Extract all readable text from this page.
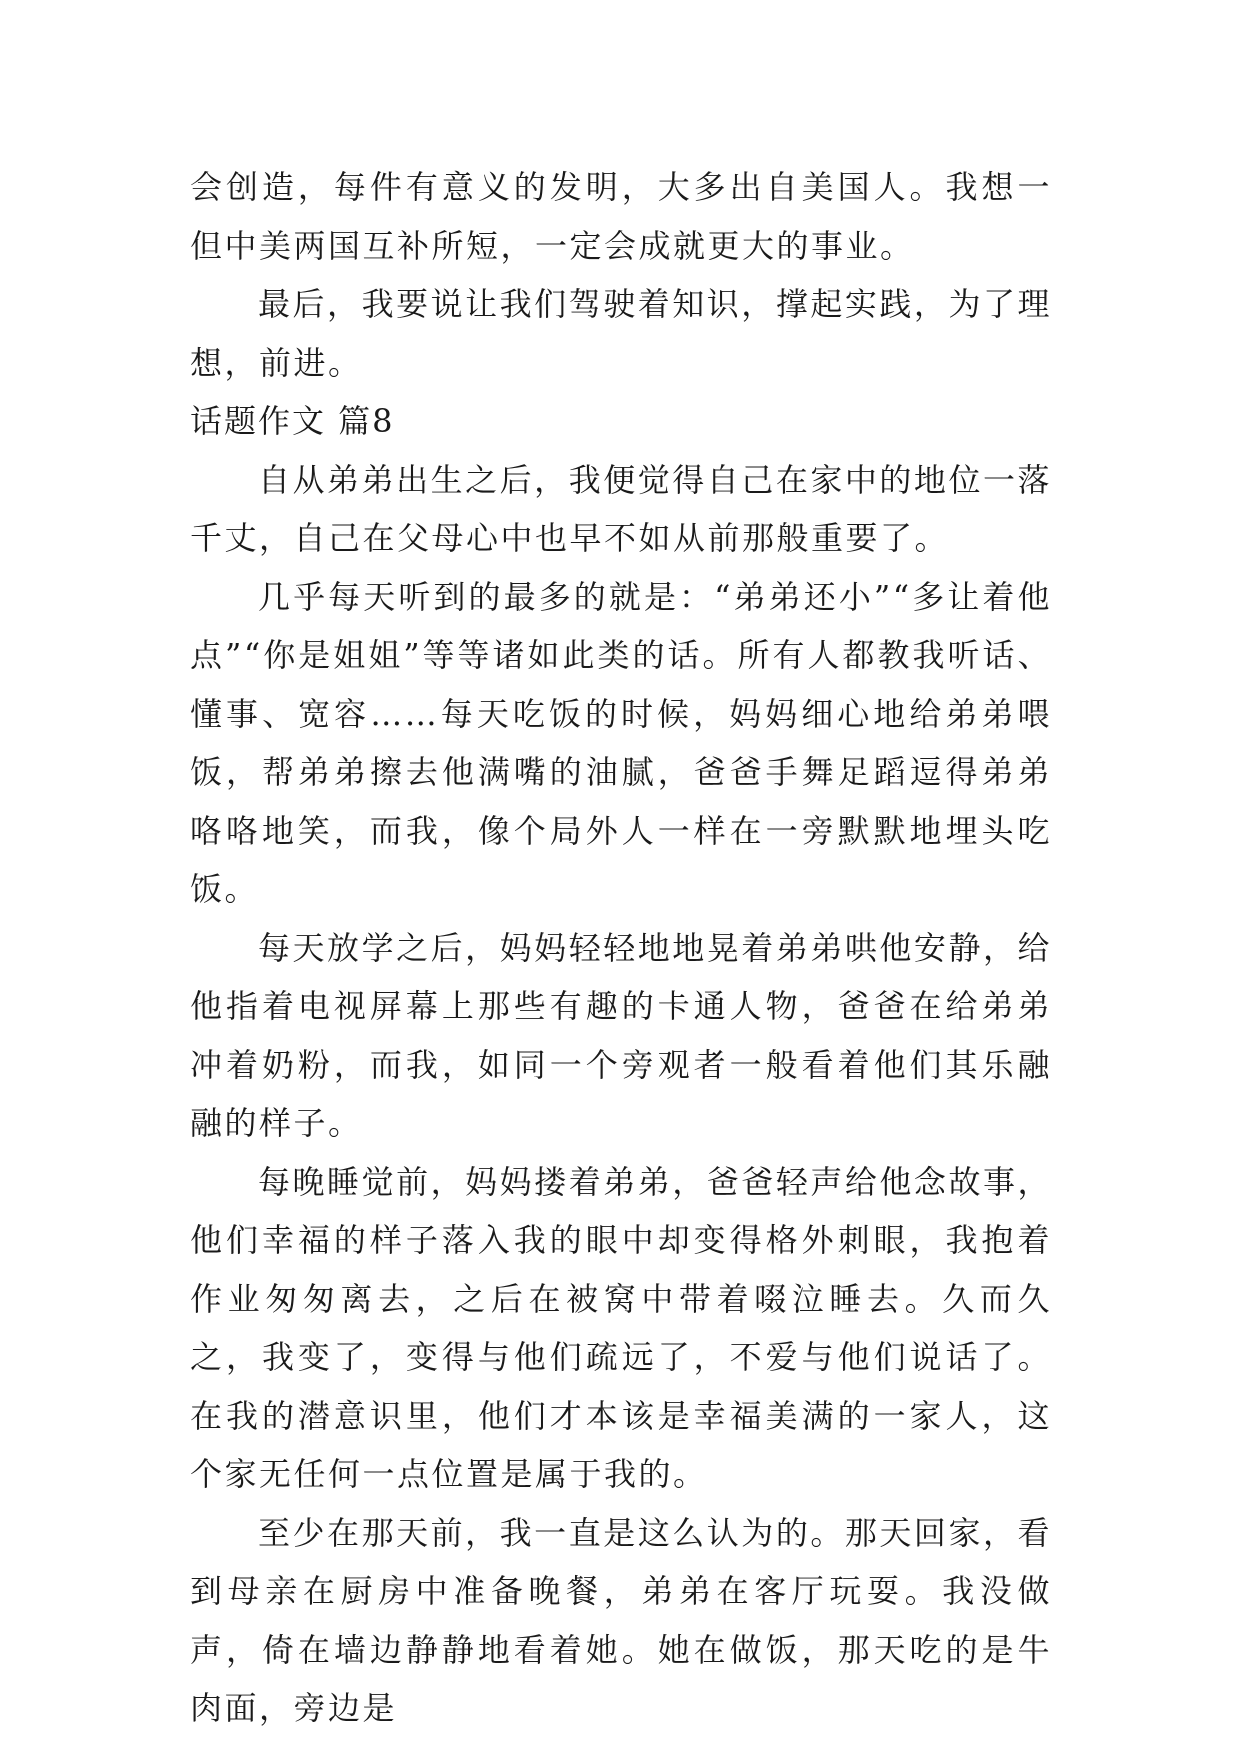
会创造，每件有意义的发明，大多出自美国人。我想一但中美两国互补所短，一定会成就更大的事业。

最后，我要说让我们驾驶着知识，撑起实践，为了理想，前进。

话题作文 篇8

自从弟弟出生之后，我便觉得自己在家中的地位一落千丈，自己在父母心中也早不如从前那般重要了。

几乎每天听到的最多的就是：“弟弟还小”“多让着他点”“你是姐姐”等等诸如此类的话。所有人都教我听话、懂事、宽容……每天吃饭的时候，妈妈细心地给弟弟喂饭，帮弟弟擦去他满嘴的油腻，爸爸手舞足蹈逗得弟弟咯咯地笑，而我，像个局外人一样在一旁默默地埋头吃饭。

每天放学之后，妈妈轻轻地地晃着弟弟哄他安静，给他指着电视屏幕上那些有趣的卡通人物，爸爸在给弟弟冲着奶粉，而我，如同一个旁观者一般看着他们其乐融融的样子。

每晚睡觉前，妈妈搂着弟弟，爸爸轻声给他念故事，他们幸福的样子落入我的眼中却变得格外刺眼，我抱着作业匆匆离去，之后在被窝中带着啜泣睡去。久而久之，我变了，变得与他们疏远了，不爱与他们说话了。在我的潜意识里，他们才本该是幸福美满的一家人，这个家无任何一点位置是属于我的。

至少在那天前，我一直是这么认为的。那天回家，看到母亲在厨房中准备晚餐，弟弟在客厅玩耍。我没做声，倚在墙边静静地看着她。她在做饭，那天吃的是牛肉面，旁边是
